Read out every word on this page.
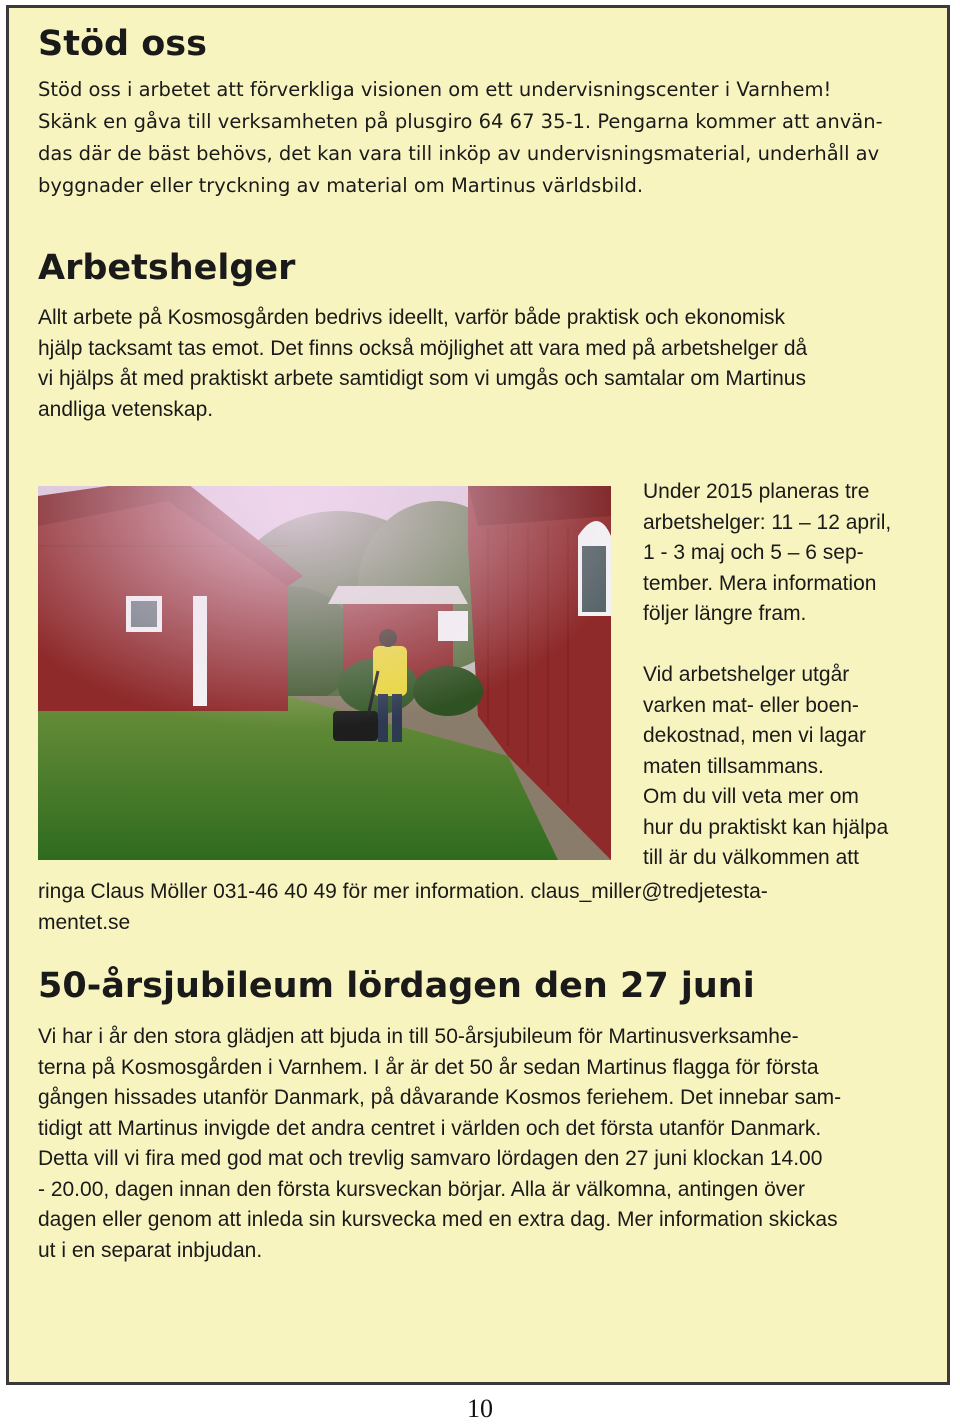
Stöd oss
Stöd oss i arbetet att förverkliga visionen om ett undervisningscenter i Varnhem!
Skänk en gåva till verksamheten på plusgiro 64 67 35-1. Pengarna kommer att använ-
das där de bäst behövs, det kan vara till inköp av undervisningsmaterial, underhåll av
byggnader eller tryckning av material om Martinus världsbild.
Arbetshelger
Allt arbete på Kosmosgården bedrivs ideellt, varför både praktisk och ekonomisk
hjälp tacksamt tas emot. Det finns också möjlighet att vara med på arbetshelger då
vi hjälps åt med praktiskt arbete samtidigt som vi umgås och samtalar om Martinus
andliga vetenskap.
Under 2015 planeras tre
arbetshelger: 11 – 12 april,
1 - 3 maj och 5 – 6 sep-
tember. Mera information
följer längre fram.
Vid arbetshelger utgår
varken mat- eller boen-
dekostnad, men vi lagar
maten tillsammans.
Om du vill veta mer om
hur du praktiskt kan hjälpa
till är du välkommen att
ringa Claus Möller 031-46 40 49 för mer information. claus_miller@tredjetesta-
mentet.se
50-årsjubileum lördagen den 27 juni
Vi har i år den stora glädjen att bjuda in till 50-årsjubileum för Martinusverksamhe-
terna på Kosmosgården i Varnhem. I år är det 50 år sedan Martinus flagga för första
gången hissades utanför Danmark, på dåvarande Kosmos feriehem. Det innebar sam-
tidigt att Martinus invigde det andra centret i världen och det första utanför Danmark.
Detta vill vi fira med god mat och trevlig samvaro lördagen den 27 juni klockan 14.00
- 20.00, dagen innan den första kursveckan börjar. Alla är välkomna, antingen över
dagen eller genom att inleda sin kursvecka med en extra dag. Mer information skickas
ut i en separat inbjudan.
10
